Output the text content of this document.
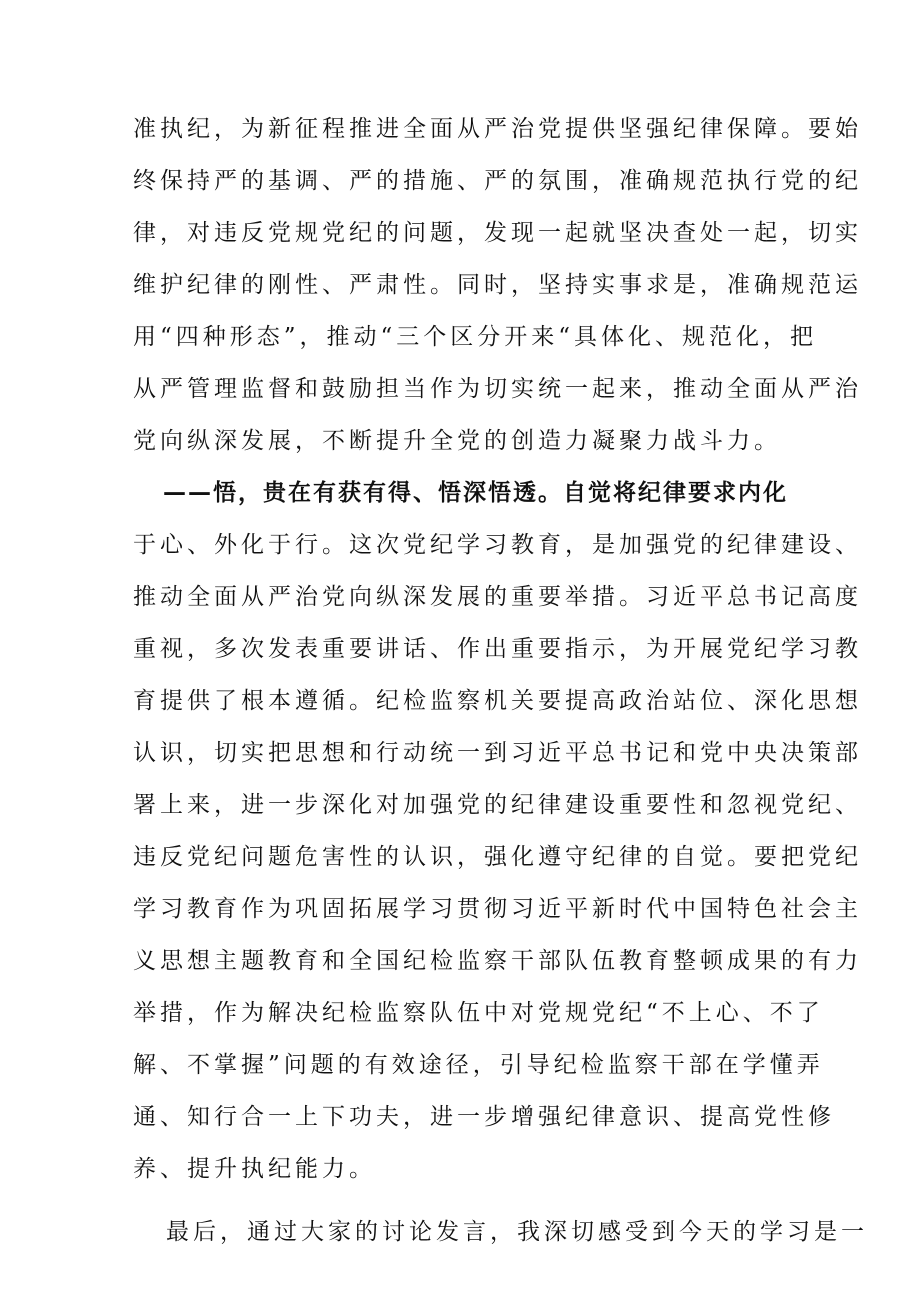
准执纪，为新征程推进全面从严治党提供坚强纪律保障。要始

终保持严的基调、严的措施、严的氛围，准确规范执行党的纪

律，对违反党规党纪的问题，发现一起就坚决查处一起，切实

维护纪律的刚性、严肃性。同时，坚持实事求是，准确规范运

用“四种形态”，推动“三个区分开来“具体化、规范化，把

从严管理监督和鼓励担当作为切实统一起来，推动全面从严治

党向纵深发展，不断提升全党的创造力凝聚力战斗力。

——悟，贵在有获有得、悟深悟透。自觉将纪律要求内化

于心、外化于行。这次党纪学习教育，是加强党的纪律建设、

推动全面从严治党向纵深发展的重要举措。习近平总书记高度

重视，多次发表重要讲话、作出重要指示，为开展党纪学习教

育提供了根本遵循。纪检监察机关要提高政治站位、深化思想

认识，切实把思想和行动统一到习近平总书记和党中央决策部

署上来，进一步深化对加强党的纪律建设重要性和忽视党纪、

违反党纪问题危害性的认识，强化遵守纪律的自觉。要把党纪

学习教育作为巩固拓展学习贯彻习近平新时代中国特色社会主

义思想主题教育和全国纪检监察干部队伍教育整顿成果的有力

举措，作为解决纪检监察队伍中对党规党纪“不上心、不了

解、不掌握”问题的有效途径，引导纪检监察干部在学懂弄

通、知行合一上下功夫，进一步增强纪律意识、提高党性修

养、提升执纪能力。

最后，通过大家的讨论发言，我深切感受到今天的学习是一
